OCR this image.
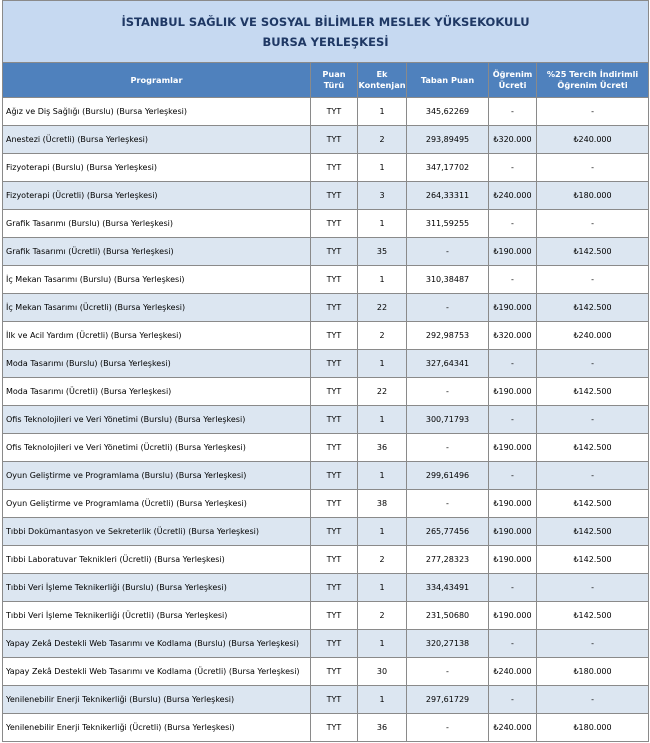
İSTANBUL SAĞLIK VE SOSYAL BİLİMLER MESLEK YÜKSEKOKULU
BURSA YERLEŞKESİ					

Programlar	Puan Türü	Ek Kontenjan	Taban Puan	Öğrenim Ücreti	%25 Tercih İndirimli Öğrenim Ücreti
Ağız ve Diş Sağlığı (Burslu) (Bursa Yerleşkesi)	TYT	1	345,62269	-	-
Anestezi (Ücretli) (Bursa Yerleşkesi)	TYT	2	293,89495	₺320.000	₺240.000
Fizyoterapi (Burslu) (Bursa Yerleşkesi)	TYT	1	347,17702	-	-
Fizyoterapi (Ücretli) (Bursa Yerleşkesi)	TYT	3	264,33311	₺240.000	₺180.000
Grafik Tasarımı (Burslu) (Bursa Yerleşkesi)	TYT	1	311,59255	-	-
Grafik Tasarımı (Ücretli) (Bursa Yerleşkesi)	TYT	35	-	₺190.000	₺142.500
İç Mekan Tasarımı (Burslu) (Bursa Yerleşkesi)	TYT	1	310,38487	-	-
İç Mekan Tasarımı (Ücretli) (Bursa Yerleşkesi)	TYT	22	-	₺190.000	₺142.500
İlk ve Acil Yardım (Ücretli) (Bursa Yerleşkesi)	TYT	2	292,98753	₺320.000	₺240.000
Moda Tasarımı (Burslu) (Bursa Yerleşkesi)	TYT	1	327,64341	-	-
Moda Tasarımı (Ücretli) (Bursa Yerleşkesi)	TYT	22	-	₺190.000	₺142.500
Ofis Teknolojileri ve Veri Yönetimi (Burslu) (Bursa Yerleşkesi)	TYT	1	300,71793	-	-
Ofis Teknolojileri ve Veri Yönetimi (Ücretli) (Bursa Yerleşkesi)	TYT	36	-	₺190.000	₺142.500
Oyun Geliştirme ve Programlama (Burslu) (Bursa Yerleşkesi)	TYT	1	299,61496	-	-
Oyun Geliştirme ve Programlama (Ücretli) (Bursa Yerleşkesi)	TYT	38	-	₺190.000	₺142.500
Tıbbi Dokümantasyon ve Sekreterlik (Ücretli) (Bursa Yerleşkesi)	TYT	1	265,77456	₺190.000	₺142.500
Tıbbi Laboratuvar Teknikleri (Ücretli) (Bursa Yerleşkesi)	TYT	2	277,28323	₺190.000	₺142.500
Tıbbi Veri İşleme Teknikerliği (Burslu) (Bursa Yerleşkesi)	TYT	1	334,43491	-	-
Tıbbi Veri İşleme Teknikerliği (Ücretli) (Bursa Yerleşkesi)	TYT	2	231,50680	₺190.000	₺142.500
Yapay Zekâ Destekli Web Tasarımı ve Kodlama (Burslu) (Bursa Yerleşkesi)	TYT	1	320,27138	-	-
Yapay Zekâ Destekli Web Tasarımı ve Kodlama (Ücretli) (Bursa Yerleşkesi)	TYT	30	-	₺240.000	₺180.000
Yenilenebilir Enerji Teknikerliği (Burslu) (Bursa Yerleşkesi)	TYT	1	297,61729	-	-
Yenilenebilir Enerji Teknikerliği (Ücretli) (Bursa Yerleşkesi)	TYT	36	-	₺240.000	₺180.000
